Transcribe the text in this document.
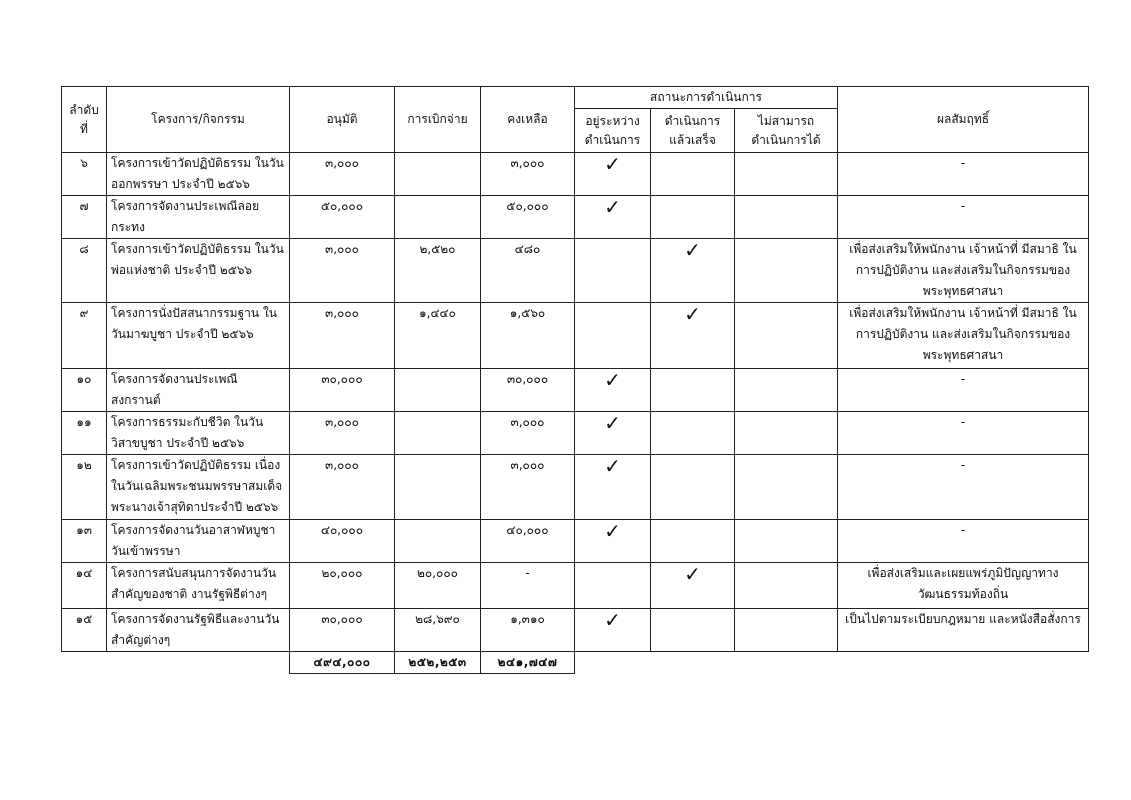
ลำดับ ที่	โครงการ/กิจกรรม	อนุมัติ	การเบิกจ่าย	คงเหลือ	สถานะการดำเนินการ			ผลสัมฤทธิ์
					อยู่ระหว่าง ดำเนินการ	ดำเนินการ แล้วเสร็จ	ไม่สามารถ ดำเนินการได้	
๖	โครงการเข้าวัดปฏิบัติธรรม ในวันออกพรรษา ประจำปี ๒๕๖๖	๓,๐๐๐		๓,๐๐๐	✓			-
๗	โครงการจัดงานประเพณีลอยกระทง	๕๐,๐๐๐		๕๐,๐๐๐	✓			-
๘	โครงการเข้าวัดปฏิบัติธรรม ในวันพ่อแห่งชาติ ประจำปี ๒๕๖๖	๓,๐๐๐	๒,๕๒๐	๔๘๐		✓		เพื่อส่งเสริมให้พนักงาน เจ้าหน้าที่ มีสมาธิ ในการปฏิบัติงาน และส่งเสริมในกิจกรรมของพระพุทธศาสนา
๙	โครงการนั่งปัสสนากรรมฐาน ในวันมาฆบูชา ประจำปี ๒๕๖๖	๓,๐๐๐	๑,๔๔๐	๑,๕๖๐		✓		เพื่อส่งเสริมให้พนักงาน เจ้าหน้าที่ มีสมาธิ ในการปฏิบัติงาน และส่งเสริมในกิจกรรมของพระพุทธศาสนา
๑๐	โครงการจัดงานประเพณีสงกรานต์	๓๐,๐๐๐		๓๐,๐๐๐	✓			-
๑๑	โครงการธรรมะกับชีวิต ในวันวิสาขบูชา ประจำปี ๒๕๖๖	๓,๐๐๐		๓,๐๐๐	✓			-
๑๒	โครงการเข้าวัดปฏิบัติธรรม เนื่องในวันเฉลิมพระชนมพรรษาสมเด็จพระนางเจ้าสุทิดาประจำปี ๒๕๖๖	๓,๐๐๐		๓,๐๐๐	✓			-
๑๓	โครงการจัดงานวันอาสาฬหบูชา วันเข้าพรรษา	๔๐,๐๐๐		๔๐,๐๐๐	✓			-
๑๔	โครงการสนับสนุนการจัดงานวันสำคัญของชาติ งานรัฐพิธีต่างๆ	๒๐,๐๐๐	๒๐,๐๐๐	-		✓		เพื่อส่งเสริมและเผยแพร่ภูมิปัญญาทางวัฒนธรรมท้องถิ่น
๑๕	โครงการจัดงานรัฐพิธีและงานวันสำคัญต่างๆ	๓๐,๐๐๐	๒๘,๖๙๐	๑,๓๑๐	✓			เป็นไปตามระเบียบกฎหมาย และหนังสือสั่งการ
		๔๙๔,๐๐๐	๒๕๒,๒๕๓	๒๔๑,๗๔๗				
